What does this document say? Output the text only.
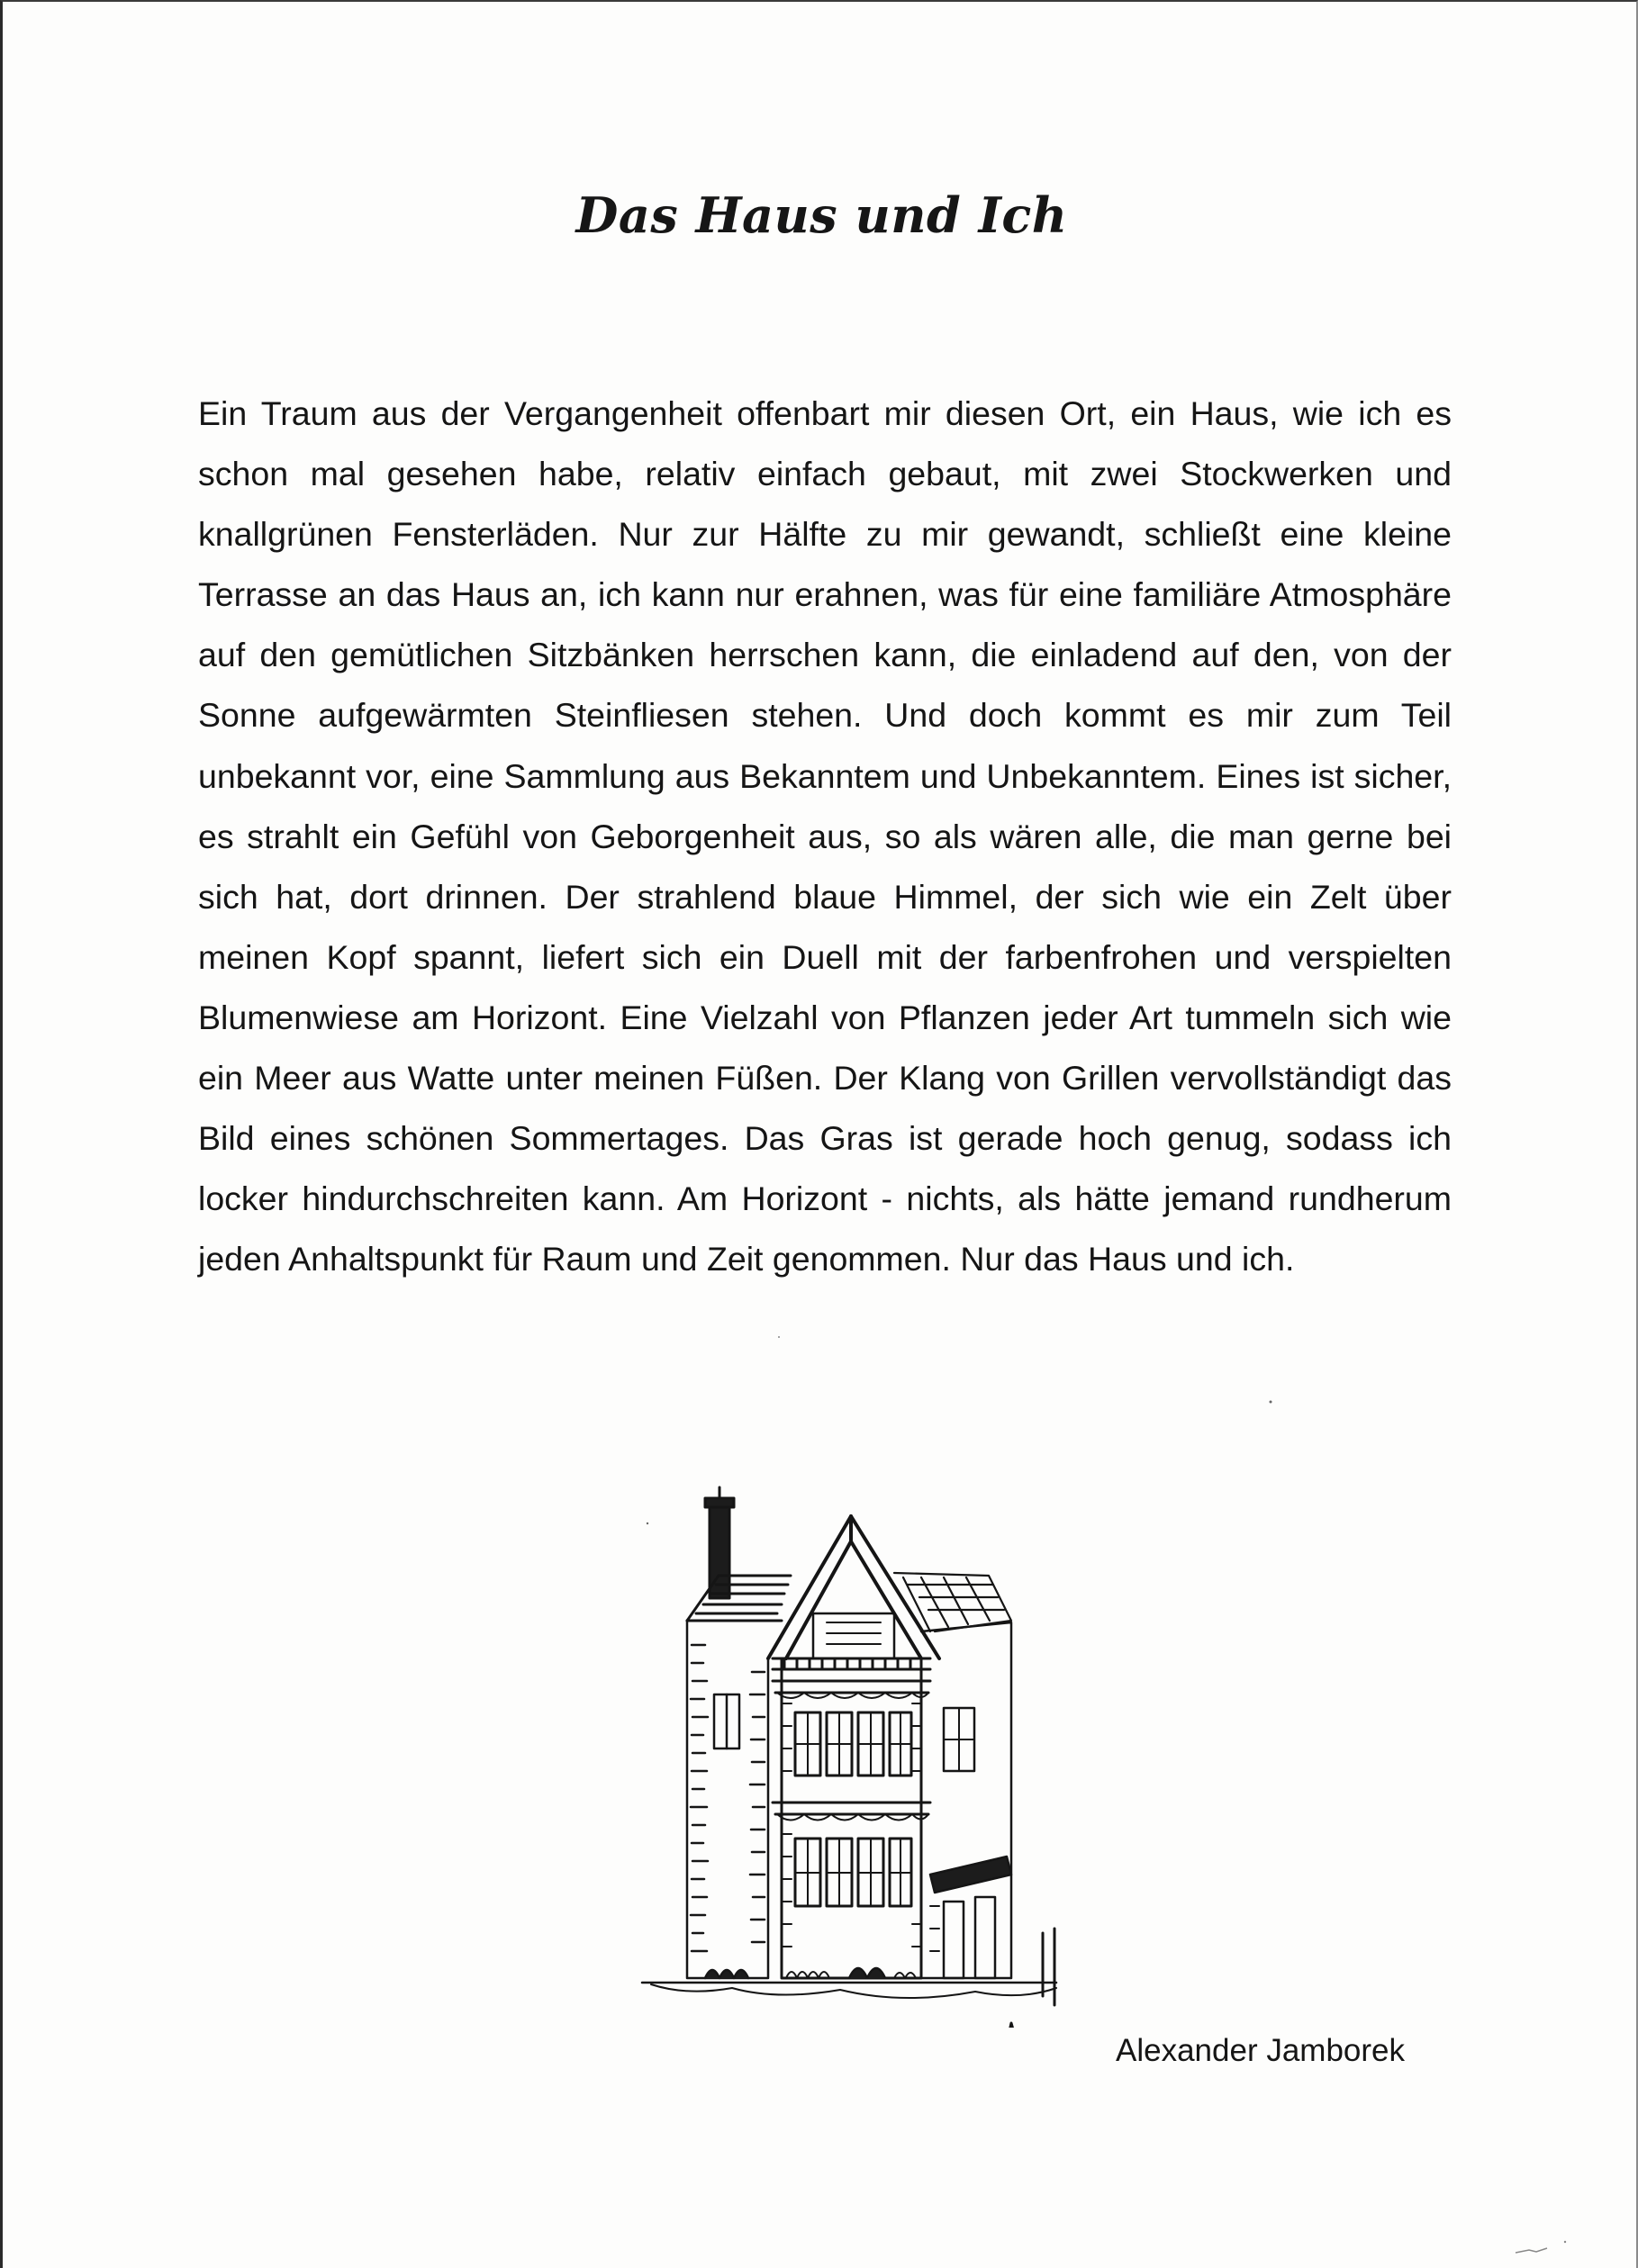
Das Haus und Ich

Ein Traum aus der Vergangenheit offenbart mir diesen Ort, ein Haus, wie ich es schon mal gesehen habe, relativ einfach gebaut, mit zwei Stockwerken und knallgrünen Fensterläden. Nur zur Hälfte zu mir gewandt, schließt eine kleine Terrasse an das Haus an, ich kann nur erahnen, was für eine familiäre Atmosphäre auf den gemütlichen Sitzbänken herrschen kann, die einladend auf den, von der Sonne aufgewärmten Steinfliesen stehen. Und doch kommt es mir zum Teil unbekannt vor, eine Sammlung aus Bekanntem und Unbekanntem. Eines ist sicher, es strahlt ein Gefühl von Geborgenheit aus, so als wären alle, die man gerne bei sich hat, dort drinnen. Der strahlend blaue Himmel, der sich wie ein Zelt über meinen Kopf spannt, liefert sich ein Duell mit der farbenfrohen und verspielten Blumenwiese am Horizont. Eine Vielzahl von Pflanzen jeder Art tummeln sich wie ein Meer aus Watte unter meinen Füßen. Der Klang von Grillen vervollständigt das Bild eines schönen Sommertages. Das Gras ist gerade hoch genug, sodass ich locker hindurchschreiten kann. Am Horizont - nichts, als hätte jemand rundherum jeden Anhaltspunkt für Raum und Zeit genommen. Nur das Haus und ich.

Alexander Jamborek
